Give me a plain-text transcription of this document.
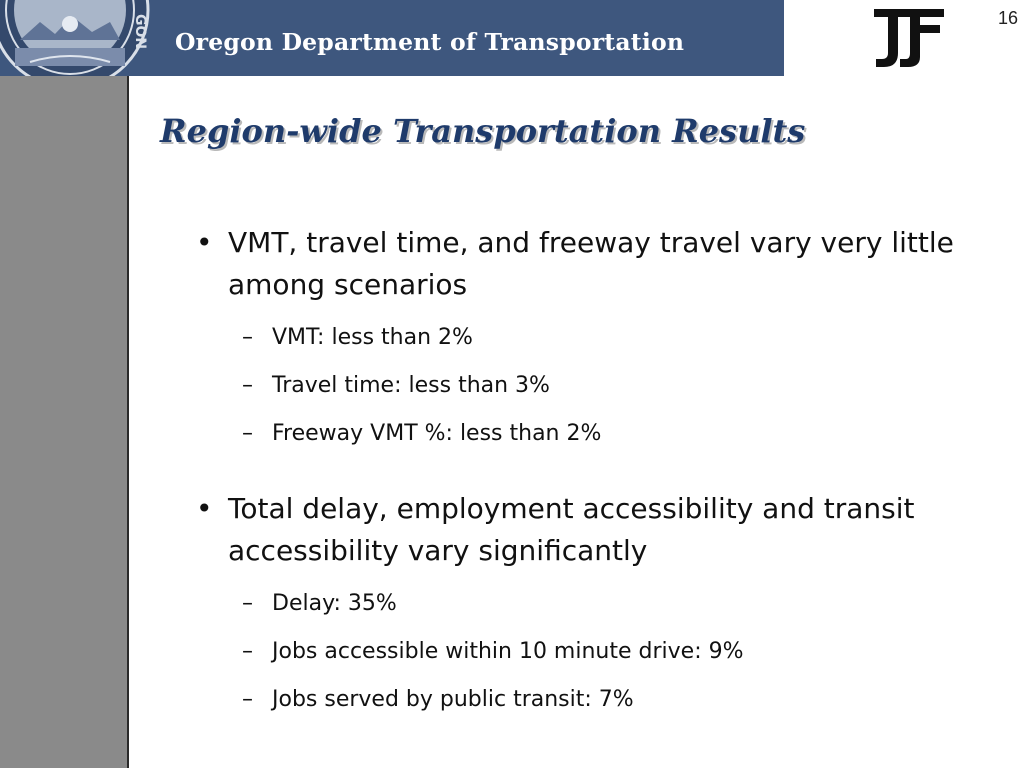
GON Oregon Department of Transportation
16
Region-wide Transportation Results
• VMT, travel time, and freeway travel vary very little among scenarios
– VMT: less than 2%
– Travel time: less than 3%
– Freeway VMT %: less than 2%
• Total delay, employment accessibility and transit accessibility vary significantly
– Delay: 35%
– Jobs accessible within 10 minute drive: 9%
– Jobs served by public transit: 7%
